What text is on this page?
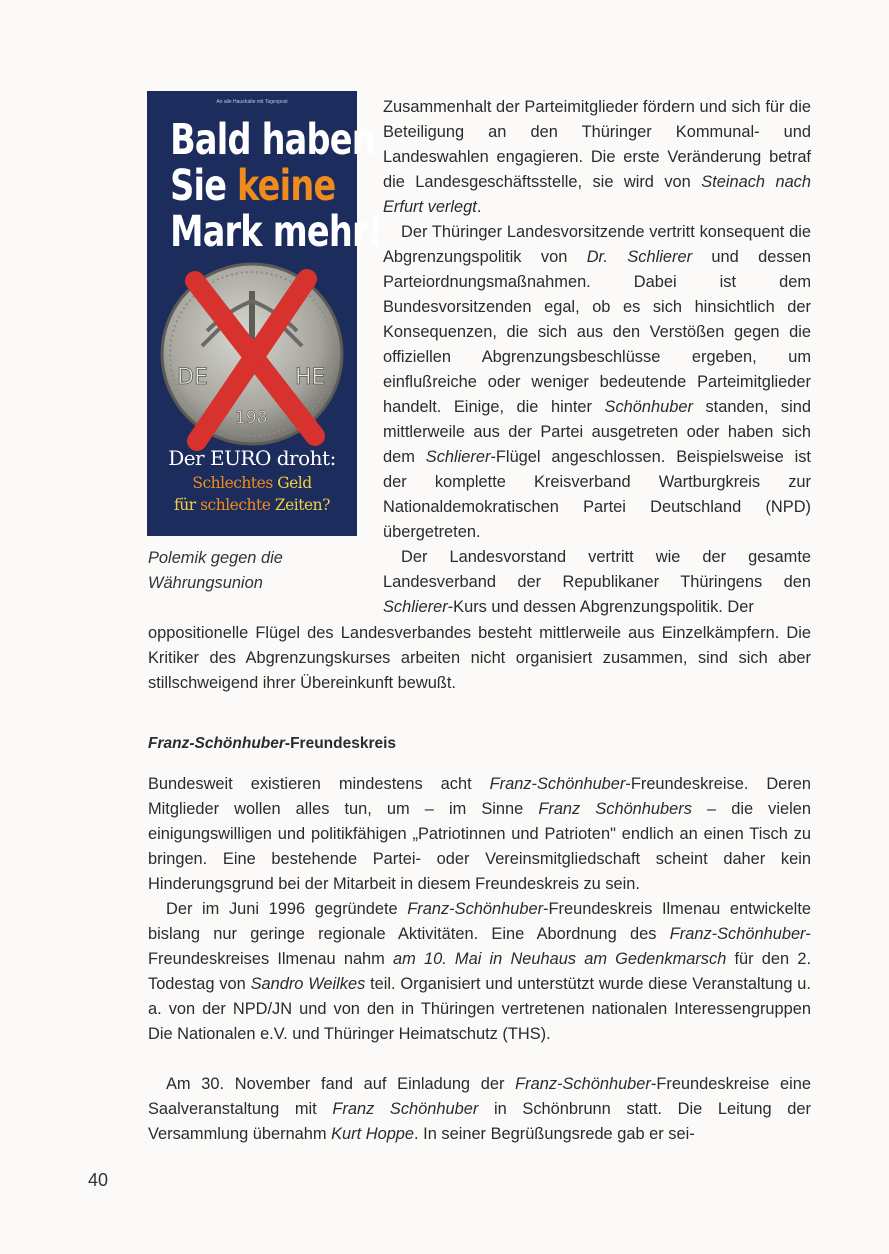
An alle Haushalte mit Tagespost
Bald haben
Sie keine
Mark mehr!
DE	HE
198
Der EURO droht:
Schlechtes Geld
für schlechte Zeiten?
Polemik gegen die
Währungsunion
Zusammenhalt der Parteimitglieder fördern und sich für die Beteiligung an den Thüringer Kommunal- und Landeswahlen engagieren. Die erste Veränderung betraf die Landesgeschäftsstelle, sie wird von Steinach nach Erfurt verlegt.
Der Thüringer Landesvorsitzende vertritt konsequent die Abgrenzungspolitik von Dr. Schlierer und dessen Parteiordnungsmaßnahmen. Dabei ist dem Bundesvorsitzenden egal, ob es sich hinsichtlich der Konsequenzen, die sich aus den Verstößen gegen die offiziellen Abgrenzungsbeschlüsse ergeben, um einflußreiche oder weniger bedeutende Parteimitglieder handelt. Einige, die hinter Schönhuber standen, sind mittlerweile aus der Partei ausgetreten oder haben sich dem Schlierer-Flügel angeschlossen. Beispielsweise ist der komplette Kreisverband Wartburgkreis zur Nationaldemokratischen Partei Deutschland (NPD) übergetreten.
Der Landesvorstand vertritt wie der gesamte Landesverband der Republikaner Thüringens den Schlierer-Kurs und dessen Abgrenzungspolitik. Der
oppositionelle Flügel des Landesverbandes besteht mittlerweile aus Einzelkämpfern. Die Kritiker des Abgrenzungskurses arbeiten nicht organisiert zusammen, sind sich aber stillschweigend ihrer Übereinkunft bewußt.
Franz-Schönhuber-Freundeskreis
Bundesweit existieren mindestens acht Franz-Schönhuber-Freundeskreise. Deren Mitglieder wollen alles tun, um – im Sinne Franz Schönhubers – die vielen einigungswilligen und politikfähigen „Patriotinnen und Patrioten" endlich an einen Tisch zu bringen. Eine bestehende Partei- oder Vereinsmitgliedschaft scheint daher kein Hinderungsgrund bei der Mitarbeit in diesem Freundeskreis zu sein.
Der im Juni 1996 gegründete Franz-Schönhuber-Freundeskreis Ilmenau entwickelte bislang nur geringe regionale Aktivitäten. Eine Abordnung des Franz-Schönhuber-Freundeskreises Ilmenau nahm am 10. Mai in Neuhaus am Gedenkmarsch für den 2. Todestag von Sandro Weilkes teil. Organisiert und unterstützt wurde diese Veranstaltung u. a. von der NPD/JN und von den in Thüringen vertretenen nationalen Interessengruppen Die Nationalen e.V. und Thüringer Heimatschutz (THS).
Am 30. November fand auf Einladung der Franz-Schönhuber-Freundeskreise eine Saalveranstaltung mit Franz Schönhuber in Schönbrunn statt. Die Leitung der Versammlung übernahm Kurt Hoppe. In seiner Begrüßungsrede gab er sei-
40
